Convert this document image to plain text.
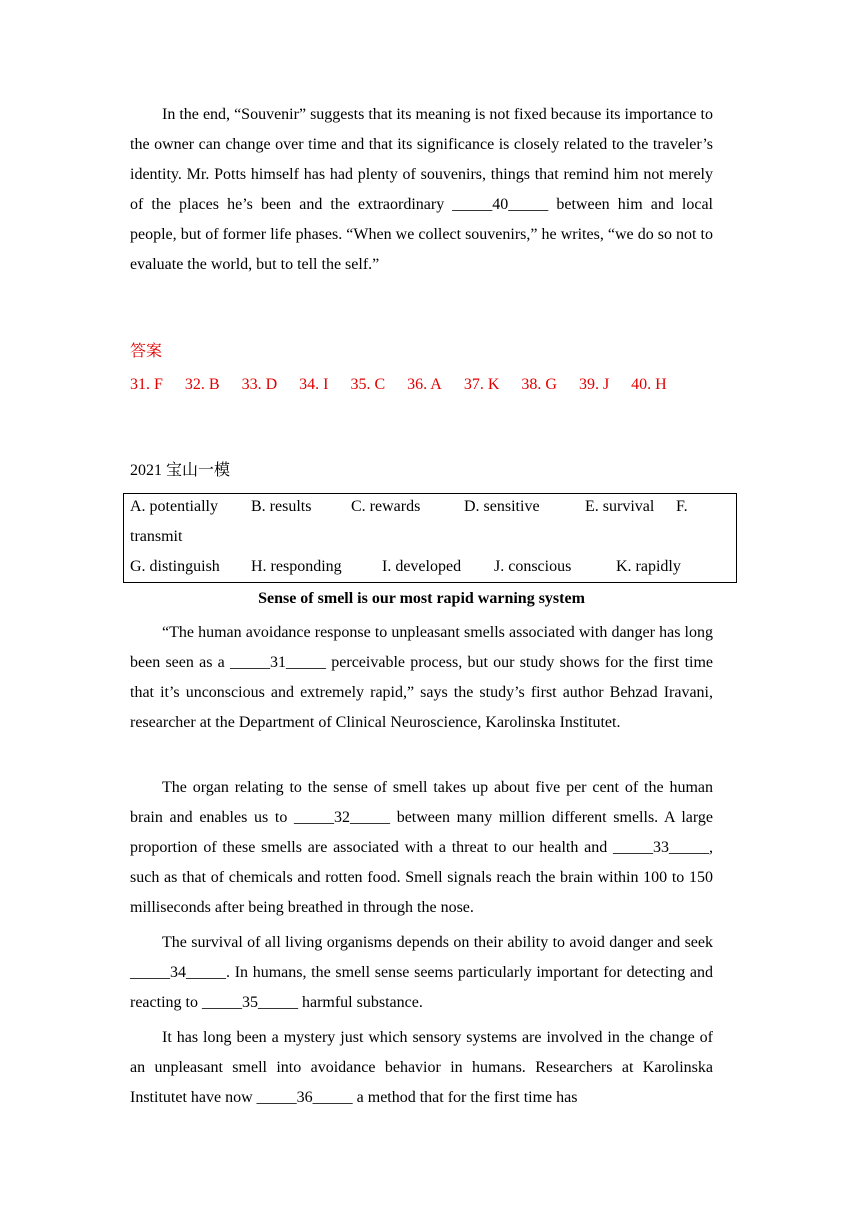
In the end, “Souvenir” suggests that its meaning is not fixed because its importance to the owner can change over time and that its significance is closely related to the traveler’s identity. Mr. Potts himself has had plenty of souvenirs, things that remind him not merely of the places he’s been and the extraordinary _____40_____ between him and local people, but of former life phases. “When we collect souvenirs,” he writes, “we do so not to evaluate the world, but to tell the self.”

答案
31. F 32. B 33. D 34. I 35. C 36. A 37. K 38. G 39. J 40. H
2021 宝山一模
A. potentially B. results C. rewards	D. sensitive	E. survival F.
transmit
G. distinguish H. responding	I. developed J. conscious	K. rapidly
Sense of smell is our most rapid warning system

“The human avoidance response to unpleasant smells associated with danger has long been seen as a _____31_____ perceivable process, but our study shows for the first time that it’s unconscious and extremely rapid,” says the study’s first author Behzad Iravani, researcher at the Department of Clinical Neuroscience, Karolinska Institutet.

The organ relating to the sense of smell takes up about five per cent of the human brain and enables us to _____32_____ between many million different smells. A large proportion of these smells are associated with a threat to our health and _____33_____, such as that of chemicals and rotten food. Smell signals reach the brain within 100 to 150 milliseconds after being breathed in through the nose.

The survival of all living organisms depends on their ability to avoid danger and seek _____34_____. In humans, the smell sense seems particularly important for detecting and reacting to _____35_____ harmful substance.

It has long been a mystery just which sensory systems are involved in the change of an unpleasant smell into avoidance behavior in humans. Researchers at Karolinska Institutet have now _____36_____ a method that for the first time has
